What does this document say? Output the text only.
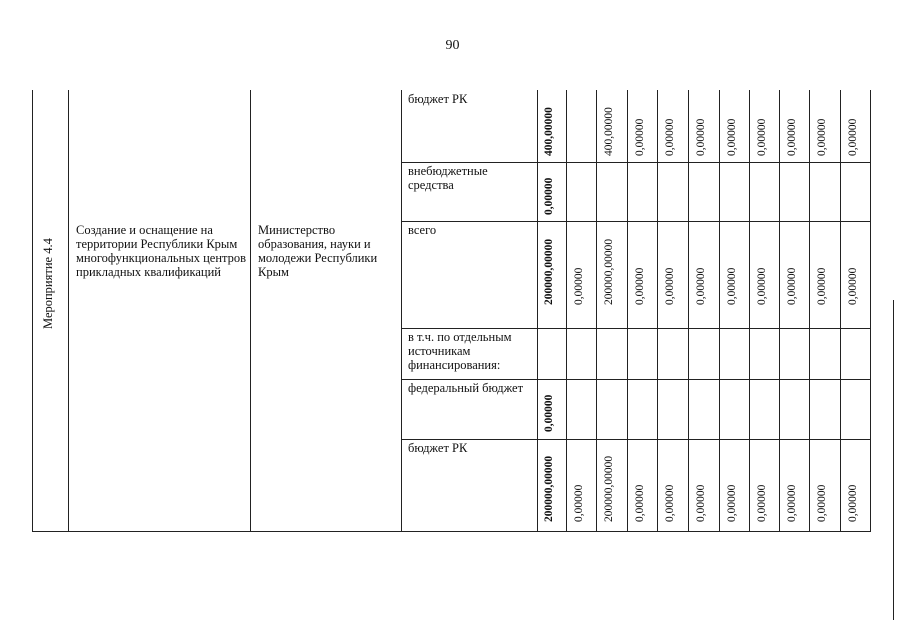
90
Мероприятие 4.4
Создание и оснащение на территории Республики Крым многофункциональных центров прикладных квалификаций
Министерство образования, науки и молодежи Республики Крым
бюджет РК
внебюджетные средства
всего
в т.ч. по отдельным источникам финансирования:
федеральный бюджет
бюджет РК
400,00000	400,00000 0,00000 0,00000 0,00000 0,00000 0,00000 0,00000 0,00000 0,00000
0,00000
200000,00000 0,00000 200000,00000 0,00000 0,00000 0,00000 0,00000 0,00000 0,00000 0,00000 0,00000
0,00000
200000,00000 0,00000 200000,00000 0,00000 0,00000 0,00000 0,00000 0,00000 0,00000 0,00000 0,00000
